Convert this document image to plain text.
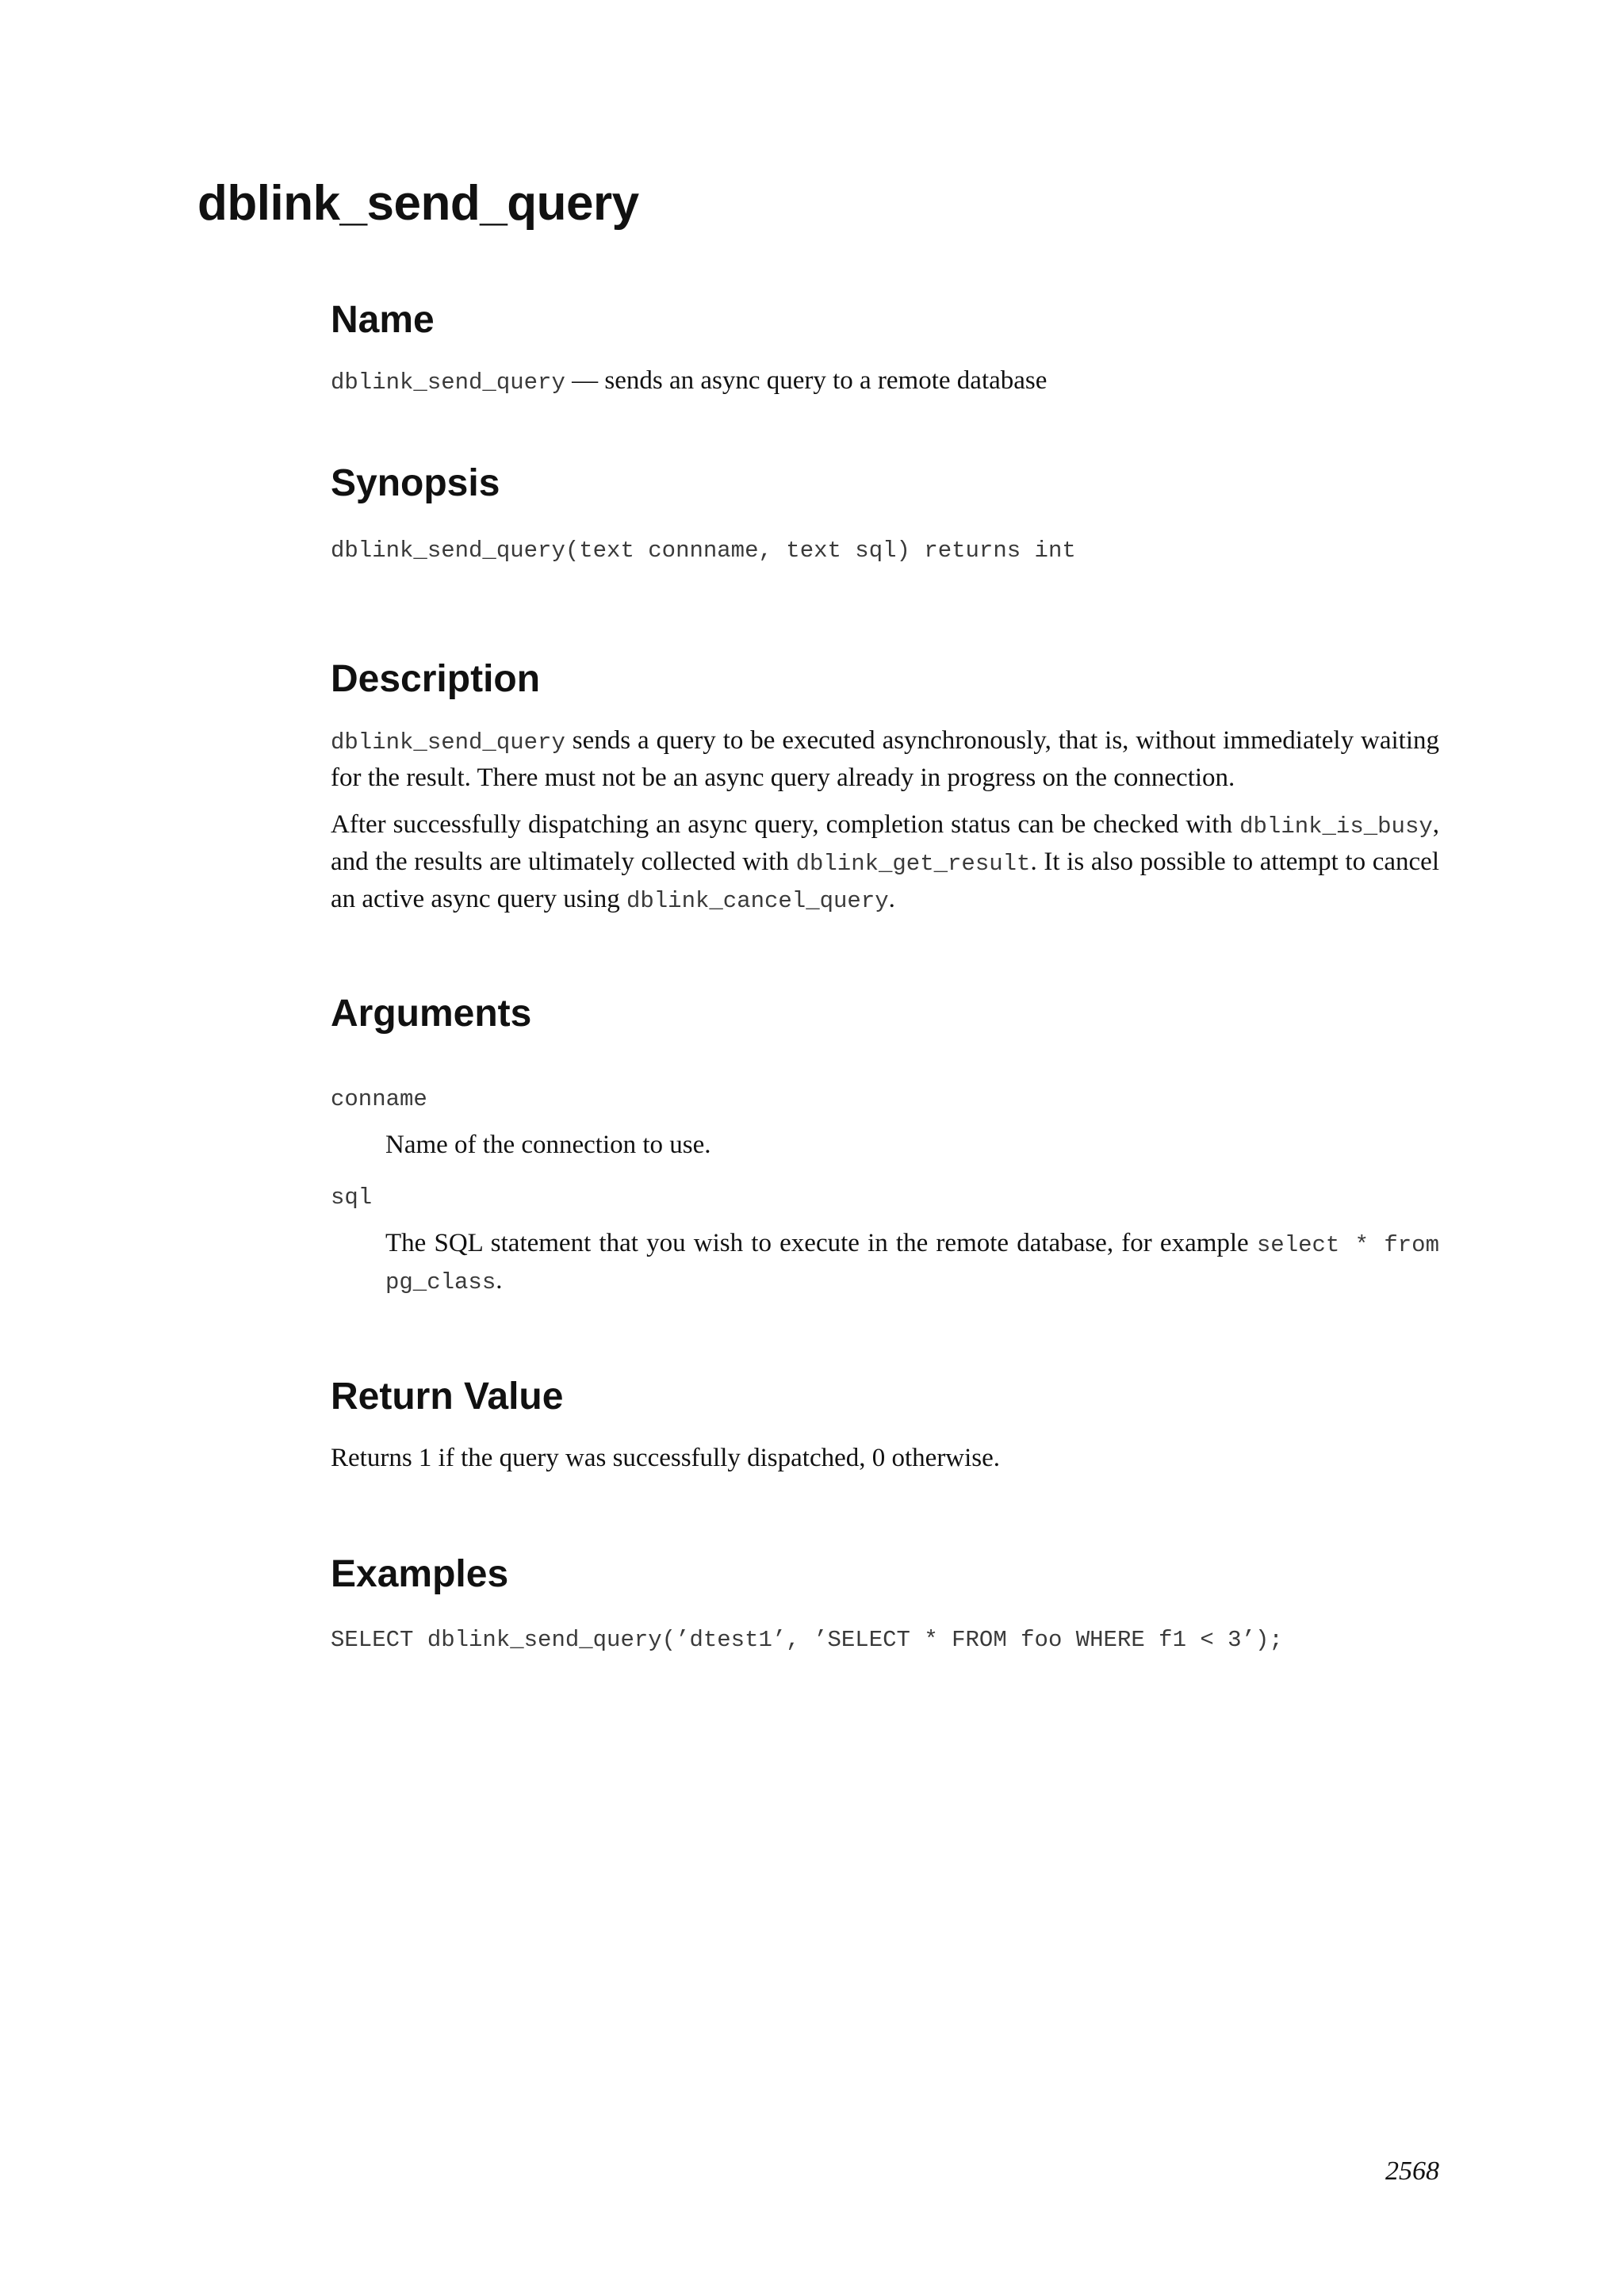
dblink_send_query
Name

dblink_send_query — sends an async query to a remote database

Synopsis

dblink_send_query(text connname, text sql) returns int

Description

dblink_send_query sends a query to be executed asynchronously, that is, without immediately waiting for the result. There must not be an async query already in progress on the connection.

After successfully dispatching an async query, completion status can be checked with dblink_is_busy, and the results are ultimately collected with dblink_get_result. It is also possible to attempt to cancel an active async query using dblink_cancel_query.

Arguments
conname

Name of the connection to use.

sql

The SQL statement that you wish to execute in the remote database, for example select * from pg_class.

Return Value

Returns 1 if the query was successfully dispatched, 0 otherwise.

Examples

SELECT dblink_send_query(’dtest1’, ’SELECT * FROM foo WHERE f1 < 3’);

2568
